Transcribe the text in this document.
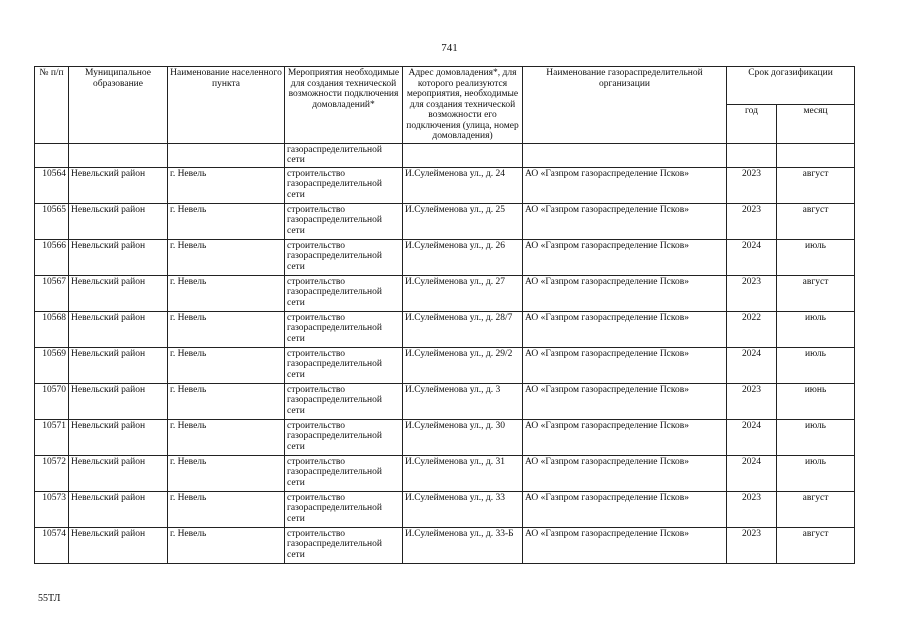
741
№ п/п	Муниципальное образование	Наименование населенного пункта	Мероприятия необходимые для создания технической возможности подключения домовладений*	Адрес домовладения*, для которого реализуются мероприятия, необходимые для создания технической возможности его подключения (улица, номер домовладения)	Наименование газораспределительной организации	Срок догазификации	
						год	месяц
			газораспределительной сети				
10564	Невельский район	г. Невель	строительство газораспределительной сети	И.Сулейменова ул., д. 24	АО «Газпром газораспределение Псков»	2023	август
10565	Невельский район	г. Невель	строительство газораспределительной сети	И.Сулейменова ул., д. 25	АО «Газпром газораспределение Псков»	2023	август
10566	Невельский район	г. Невель	строительство газораспределительной сети	И.Сулейменова ул., д. 26	АО «Газпром газораспределение Псков»	2024	июль
10567	Невельский район	г. Невель	строительство газораспределительной сети	И.Сулейменова ул., д. 27	АО «Газпром газораспределение Псков»	2023	август
10568	Невельский район	г. Невель	строительство газораспределительной сети	И.Сулейменова ул., д. 28/7	АО «Газпром газораспределение Псков»	2022	июль
10569	Невельский район	г. Невель	строительство газораспределительной сети	И.Сулейменова ул., д. 29/2	АО «Газпром газораспределение Псков»	2024	июль
10570	Невельский район	г. Невель	строительство газораспределительной сети	И.Сулейменова ул., д. 3	АО «Газпром газораспределение Псков»	2023	июнь
10571	Невельский район	г. Невель	строительство газораспределительной сети	И.Сулейменова ул., д. 30	АО «Газпром газораспределение Псков»	2024	июль
10572	Невельский район	г. Невель	строительство газораспределительной сети	И.Сулейменова ул., д. 31	АО «Газпром газораспределение Псков»	2024	июль
10573	Невельский район	г. Невель	строительство газораспределительной сети	И.Сулейменова ул., д. 33	АО «Газпром газораспределение Псков»	2023	август
10574	Невельский район	г. Невель	строительство газораспределительной сети	И.Сулейменова ул., д. 33-Б	АО «Газпром газораспределение Псков»	2023	август
55ТЛ
